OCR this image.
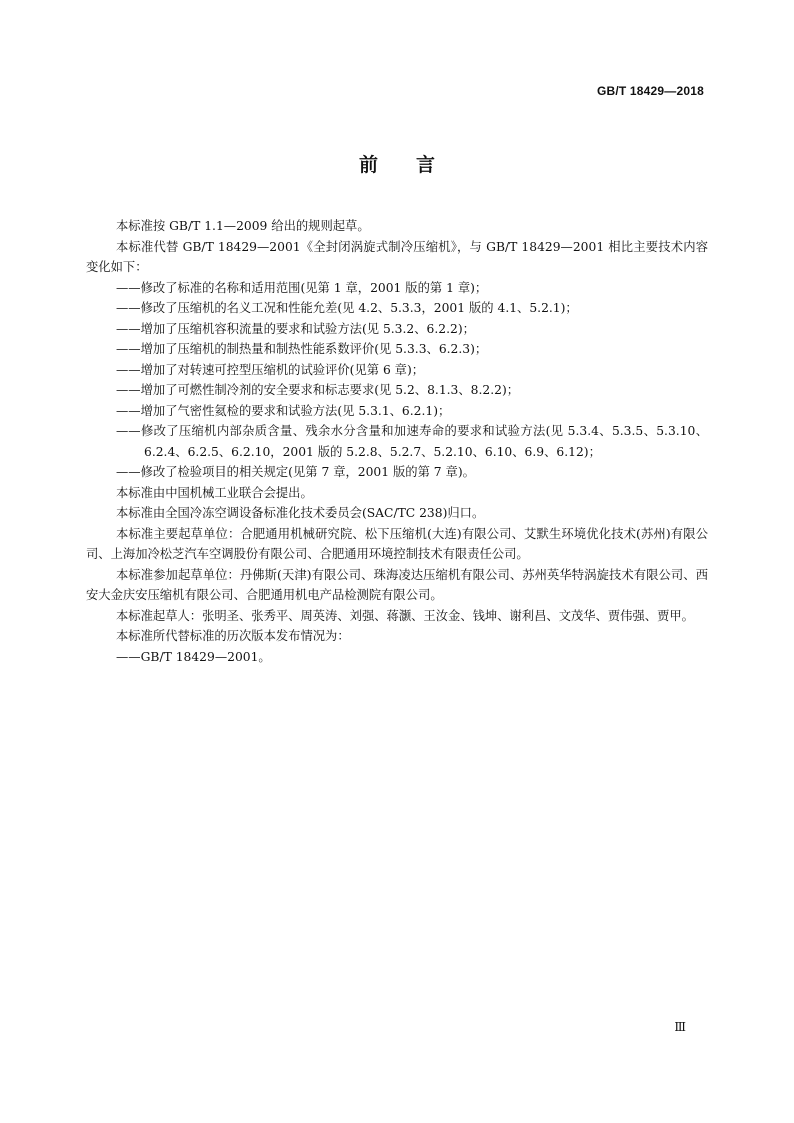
GB/T 18429—2018
前 言

本标准按 GB/T 1.1—2009 给出的规则起草。

本标准代替 GB/T 18429—2001《全封闭涡旋式制冷压缩机》，与 GB/T 18429—2001 相比主要技术内容变化如下：

——修改了标准的名称和适用范围(见第 1 章，2001 版的第 1 章)；

——修改了压缩机的名义工况和性能允差(见 4.2、5.3.3，2001 版的 4.1、5.2.1)；

——增加了压缩机容积流量的要求和试验方法(见 5.3.2、6.2.2)；

——增加了压缩机的制热量和制热性能系数评价(见 5.3.3、6.2.3)；

——增加了对转速可控型压缩机的试验评价(见第 6 章)；

——增加了可燃性制冷剂的安全要求和标志要求(见 5.2、8.1.3、8.2.2)；

——增加了气密性氦检的要求和试验方法(见 5.3.1、6.2.1)；

——修改了压缩机内部杂质含量、残余水分含量和加速寿命的要求和试验方法(见 5.3.4、5.3.5、5.3.10、6.2.4、6.2.5、6.2.10，2001 版的 5.2.8、5.2.7、5.2.10、6.10、6.9、6.12)；

——修改了检验项目的相关规定(见第 7 章，2001 版的第 7 章)。

本标准由中国机械工业联合会提出。

本标准由全国冷冻空调设备标准化技术委员会(SAC/TC 238)归口。

本标准主要起草单位：合肥通用机械研究院、松下压缩机(大连)有限公司、艾默生环境优化技术(苏州)有限公司、上海加冷松芝汽车空调股份有限公司、合肥通用环境控制技术有限责任公司。

本标准参加起草单位：丹佛斯(天津)有限公司、珠海凌达压缩机有限公司、苏州英华特涡旋技术有限公司、西安大金庆安压缩机有限公司、合肥通用机电产品检测院有限公司。

本标准起草人：张明圣、张秀平、周英涛、刘强、蒋灏、王汝金、钱坤、谢利昌、文茂华、贾伟强、贾甲。

本标准所代替标准的历次版本发布情况为：

——GB/T 18429—2001。

Ⅲ
